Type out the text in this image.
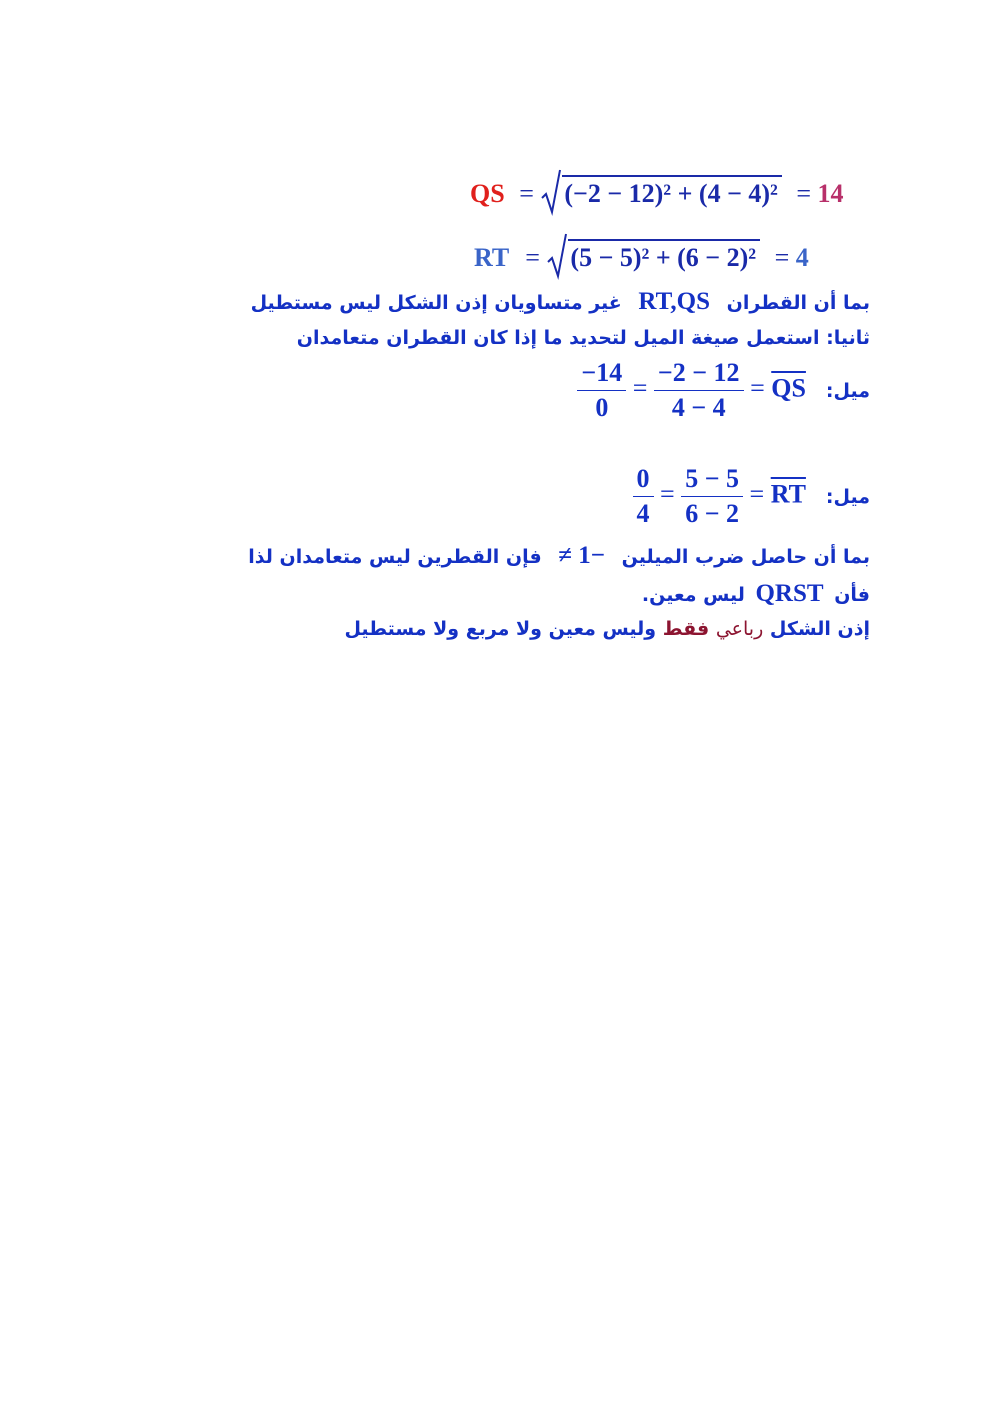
QS = (−2 − 12)² + (4 − 4)² = 14
RT = (5 − 5)² + (6 − 2)² = 4
بما أن القطران RT,QS غير متساويان إذن الشكل ليس مستطيل
ثانيا: استعمل صيغة الميل لتحديد ما إذا كان القطران متعامدان
$\frac{-14}{0} = \frac{-2 - 12}{4 - 4} = \overline{QS}$ ميل:
$\frac{0}{4} = \frac{5 - 5}{6 - 2} = \overline{RT}$ ميل:
بما أن حاصل ضرب الميلين ≠ 1− فإن القطرين ليس متعامدان لذا
فأن QRST ليس معين.
إذن الشكل رباعي فقط وليس معين ولا مربع ولا مستطيل
